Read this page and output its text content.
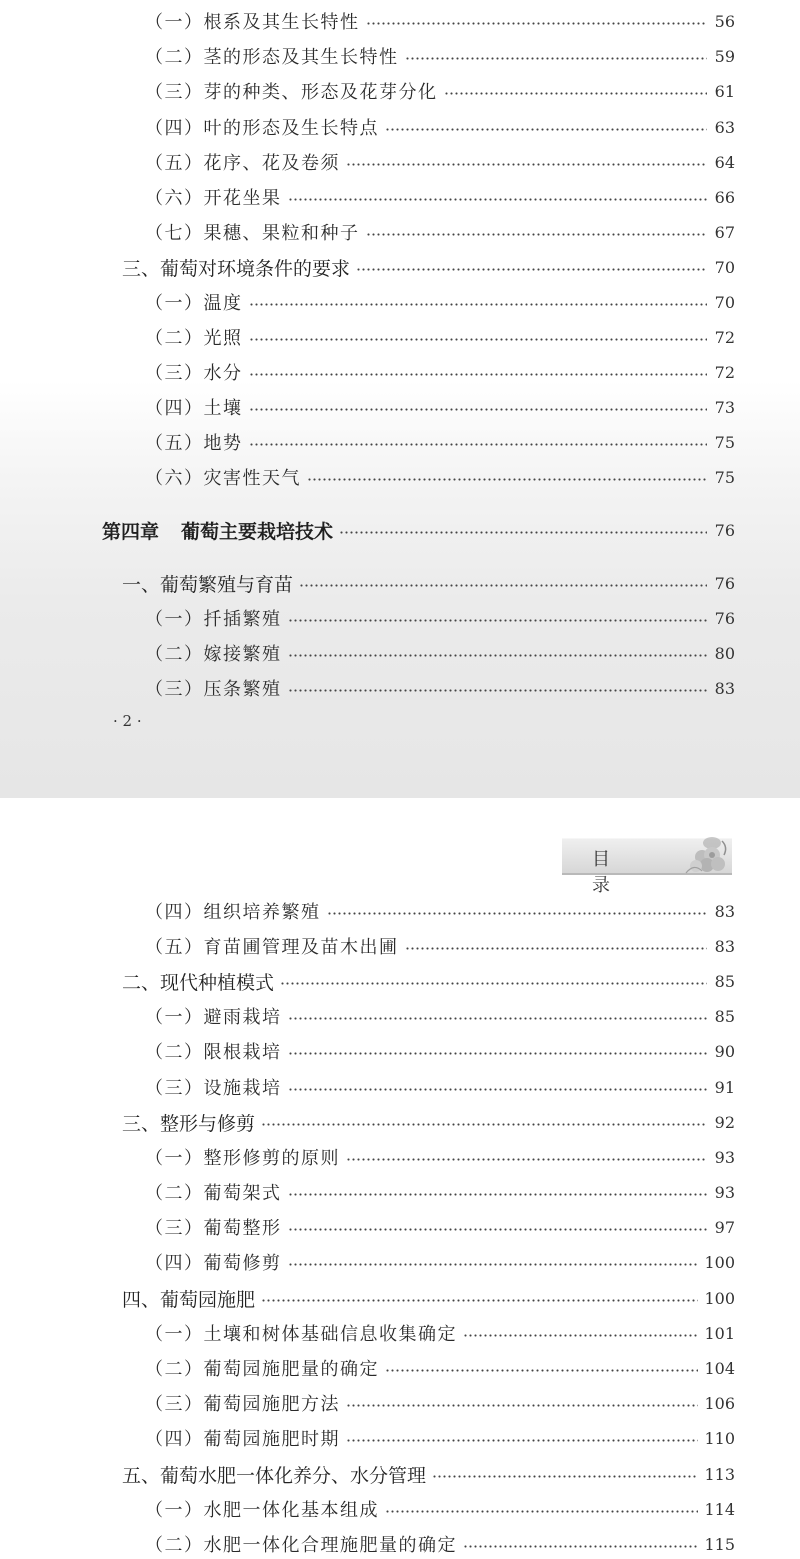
（一）根系及其生长特性	56
（二）茎的形态及其生长特性	59
（三）芽的种类、形态及花芽分化	61
（四）叶的形态及生长特点	63
（五）花序、花及卷须	64
（六）开花坐果	66
（七）果穗、果粒和种子	67
三、葡萄对环境条件的要求	70
（一）温度	70
（二）光照	72
（三）水分	72
（四）土壤	73
（五）地势	75
（六）灾害性天气	75
第四章 葡萄主要栽培技术	76
一、葡萄繁殖与育苗	76
（一）扦插繁殖	76
（二）嫁接繁殖	80
（三）压条繁殖	83
· 2 ·
目 录
（四）组织培养繁殖	83
（五）育苗圃管理及苗木出圃	83
二、现代种植模式	85
（一）避雨栽培	85
（二）限根栽培	90
（三）设施栽培	91
三、整形与修剪	92
（一）整形修剪的原则	93
（二）葡萄架式	93
（三）葡萄整形	97
（四）葡萄修剪	100
四、葡萄园施肥	100
（一）土壤和树体基础信息收集确定	101
（二）葡萄园施肥量的确定	104
（三）葡萄园施肥方法	106
（四）葡萄园施肥时期	110
五、葡萄水肥一体化养分、水分管理	113
（一）水肥一体化基本组成	114
（二）水肥一体化合理施肥量的确定	115
